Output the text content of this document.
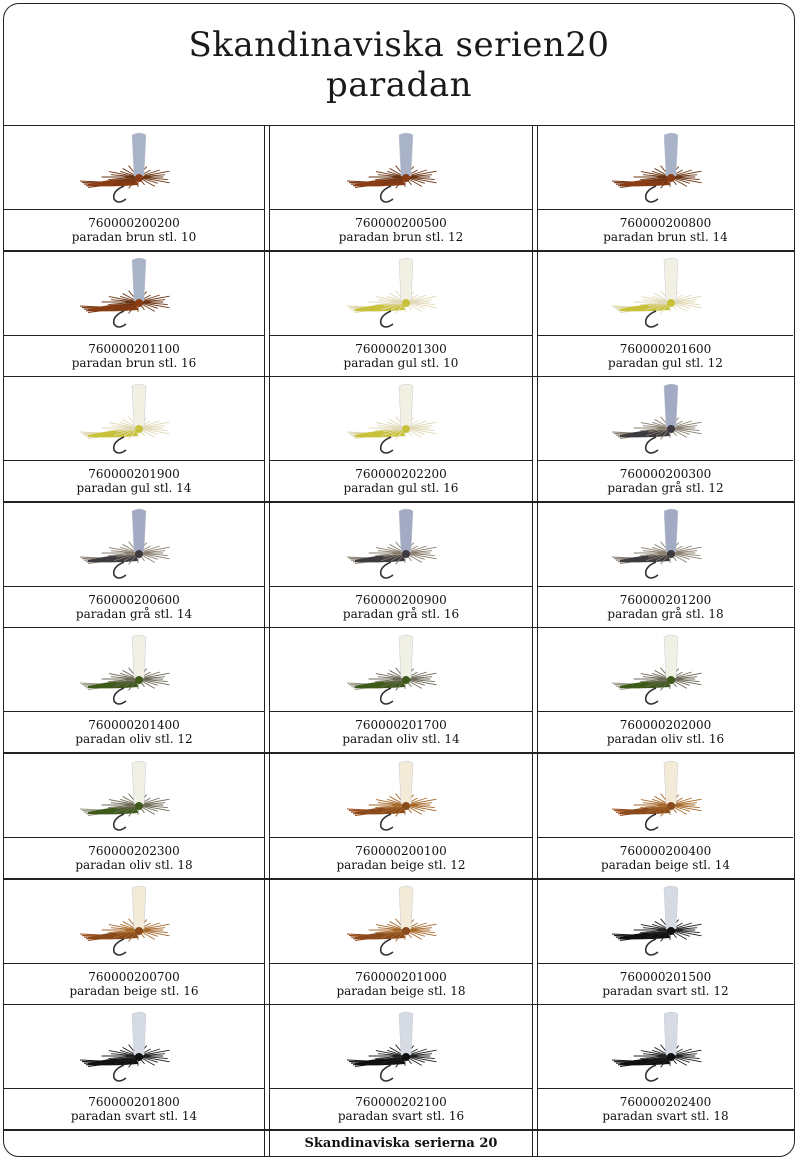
Skandinaviska serien20
paradan
760000200200
paradan brun stl. 10
760000200500
paradan brun stl. 12
760000200800
paradan brun stl. 14
760000201100
paradan brun stl. 16
760000201300
paradan gul stl. 10
760000201600
paradan gul stl. 12
760000201900
paradan gul stl. 14
760000202200
paradan gul stl. 16
760000200300
paradan grå stl. 12
760000200600
paradan grå stl. 14
760000200900
paradan grå stl. 16
760000201200
paradan grå stl. 18
760000201400
paradan oliv stl. 12
760000201700
paradan oliv stl. 14
760000202000
paradan oliv stl. 16
760000202300
paradan oliv stl. 18
760000200100
paradan beige stl. 12
760000200400
paradan beige stl. 14
760000200700
paradan beige stl. 16
760000201000
paradan beige stl. 18
760000201500
paradan svart stl. 12
760000201800
paradan svart stl. 14
760000202100
paradan svart stl. 16
760000202400
paradan svart stl. 18
Skandinaviska serierna 20
